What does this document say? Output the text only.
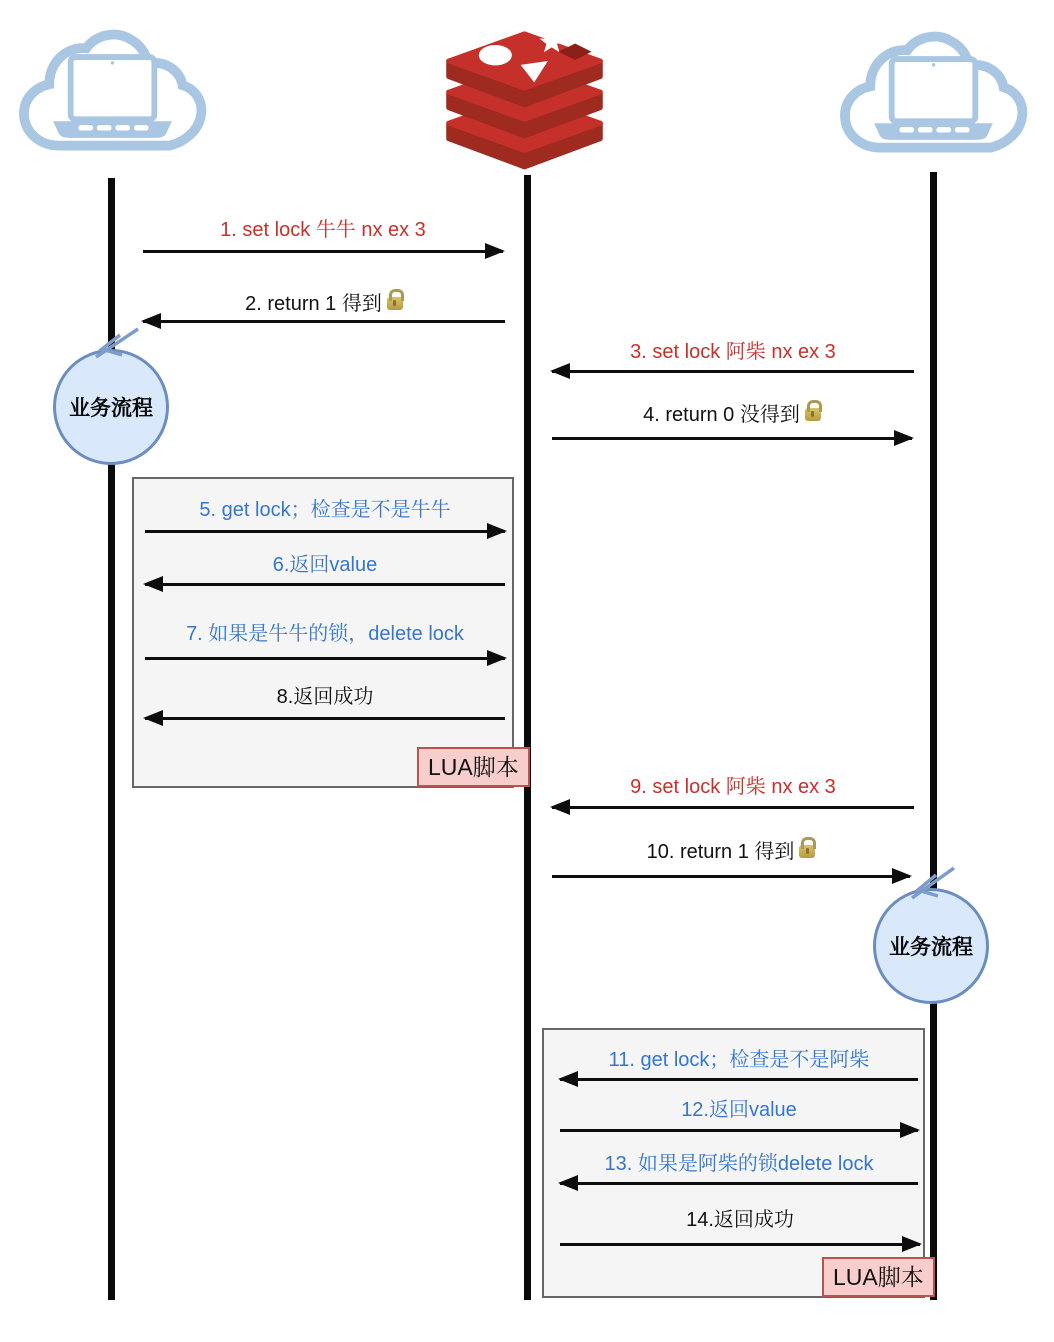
业务流程
业务流程
1. set lock 牛牛 nx ex 3
2. return 1 得到
3. set lock 阿柴 nx ex 3
4. return 0 没得到
5. get lock；检查是不是牛牛
6.返回value
7. 如果是牛牛的锁，delete lock
8.返回成功
9. set lock 阿柴 nx ex 3
10. return 1 得到
11. get lock；检查是不是阿柴
12.返回value
13. 如果是阿柴的锁delete lock
14.返回成功
LUA脚本
LUA脚本
